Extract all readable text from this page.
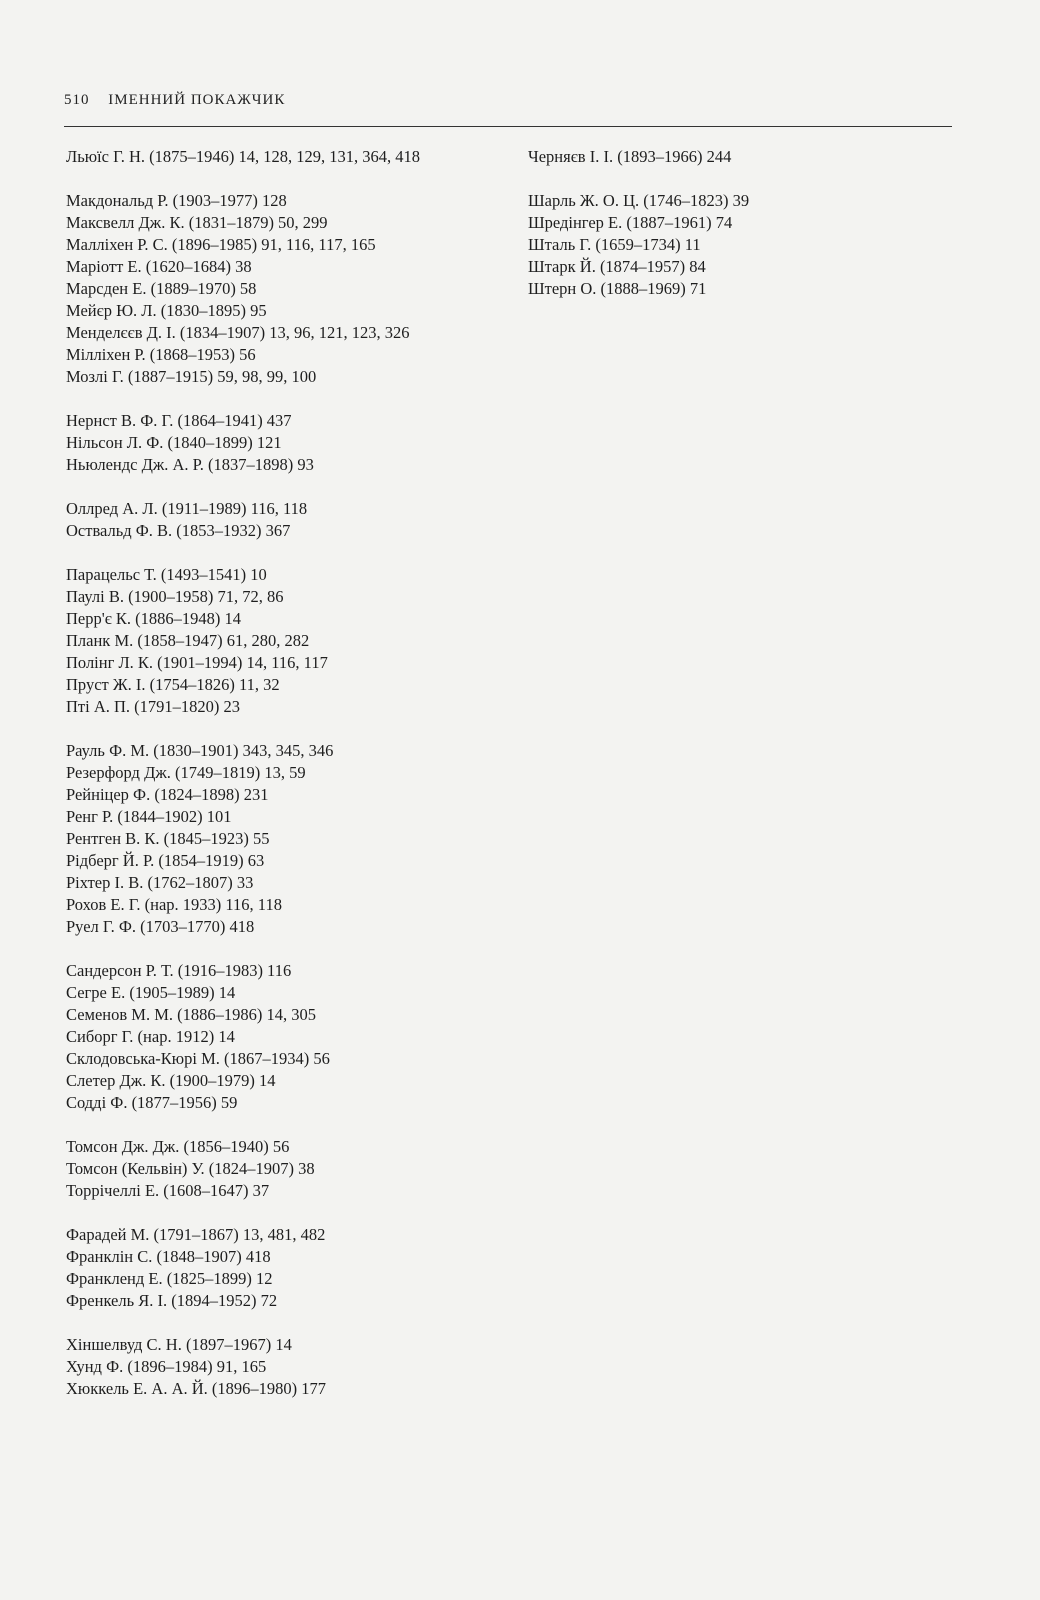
510 ІМЕННИЙ ПОКАЖЧИК
Льюїс Г. Н. (1875–1946) 14, 128, 129, 131, 364, 418
Макдональд Р. (1903–1977) 128
Максвелл Дж. К. (1831–1879) 50, 299
Малліхен Р. С. (1896–1985) 91, 116, 117, 165
Маріотт Е. (1620–1684) 38
Марсден Е. (1889–1970) 58
Мейєр Ю. Л. (1830–1895) 95
Менделєєв Д. І. (1834–1907) 13, 96, 121, 123, 326
Мілліхен Р. (1868–1953) 56
Мозлі Г. (1887–1915) 59, 98, 99, 100
Нернст В. Ф. Г. (1864–1941) 437
Нільсон Л. Ф. (1840–1899) 121
Ньюлендс Дж. А. Р. (1837–1898) 93
Оллред А. Л. (1911–1989) 116, 118
Оствальд Ф. В. (1853–1932) 367
Парацельс Т. (1493–1541) 10
Паулі В. (1900–1958) 71, 72, 86
Перр'є К. (1886–1948) 14
Планк М. (1858–1947) 61, 280, 282
Полінг Л. К. (1901–1994) 14, 116, 117
Пруст Ж. І. (1754–1826) 11, 32
Пті А. П. (1791–1820) 23
Рауль Ф. М. (1830–1901) 343, 345, 346
Резерфорд Дж. (1749–1819) 13, 59
Рейніцер Ф. (1824–1898) 231
Ренг Р. (1844–1902) 101
Рентген В. К. (1845–1923) 55
Рідберг Й. Р. (1854–1919) 63
Ріхтер І. В. (1762–1807) 33
Рохов Е. Г. (нар. 1933) 116, 118
Руел Г. Ф. (1703–1770) 418
Сандерсон Р. Т. (1916–1983) 116
Сегре Е. (1905–1989) 14
Семенов М. М. (1886–1986) 14, 305
Сиборг Г. (нар. 1912) 14
Склодовська-Кюрі М. (1867–1934) 56
Слетер Дж. К. (1900–1979) 14
Содді Ф. (1877–1956) 59
Томсон Дж. Дж. (1856–1940) 56
Томсон (Кельвін) У. (1824–1907) 38
Торрічеллі Е. (1608–1647) 37
Фарадей М. (1791–1867) 13, 481, 482
Франклін С. (1848–1907) 418
Франкленд Е. (1825–1899) 12
Френкель Я. І. (1894–1952) 72
Хіншелвуд С. Н. (1897–1967) 14
Хунд Ф. (1896–1984) 91, 165
Хюккель Е. А. А. Й. (1896–1980) 177
Черняєв І. І. (1893–1966) 244
Шарль Ж. О. Ц. (1746–1823) 39
Шредінгер Е. (1887–1961) 74
Шталь Г. (1659–1734) 11
Штарк Й. (1874–1957) 84
Штерн О. (1888–1969) 71
